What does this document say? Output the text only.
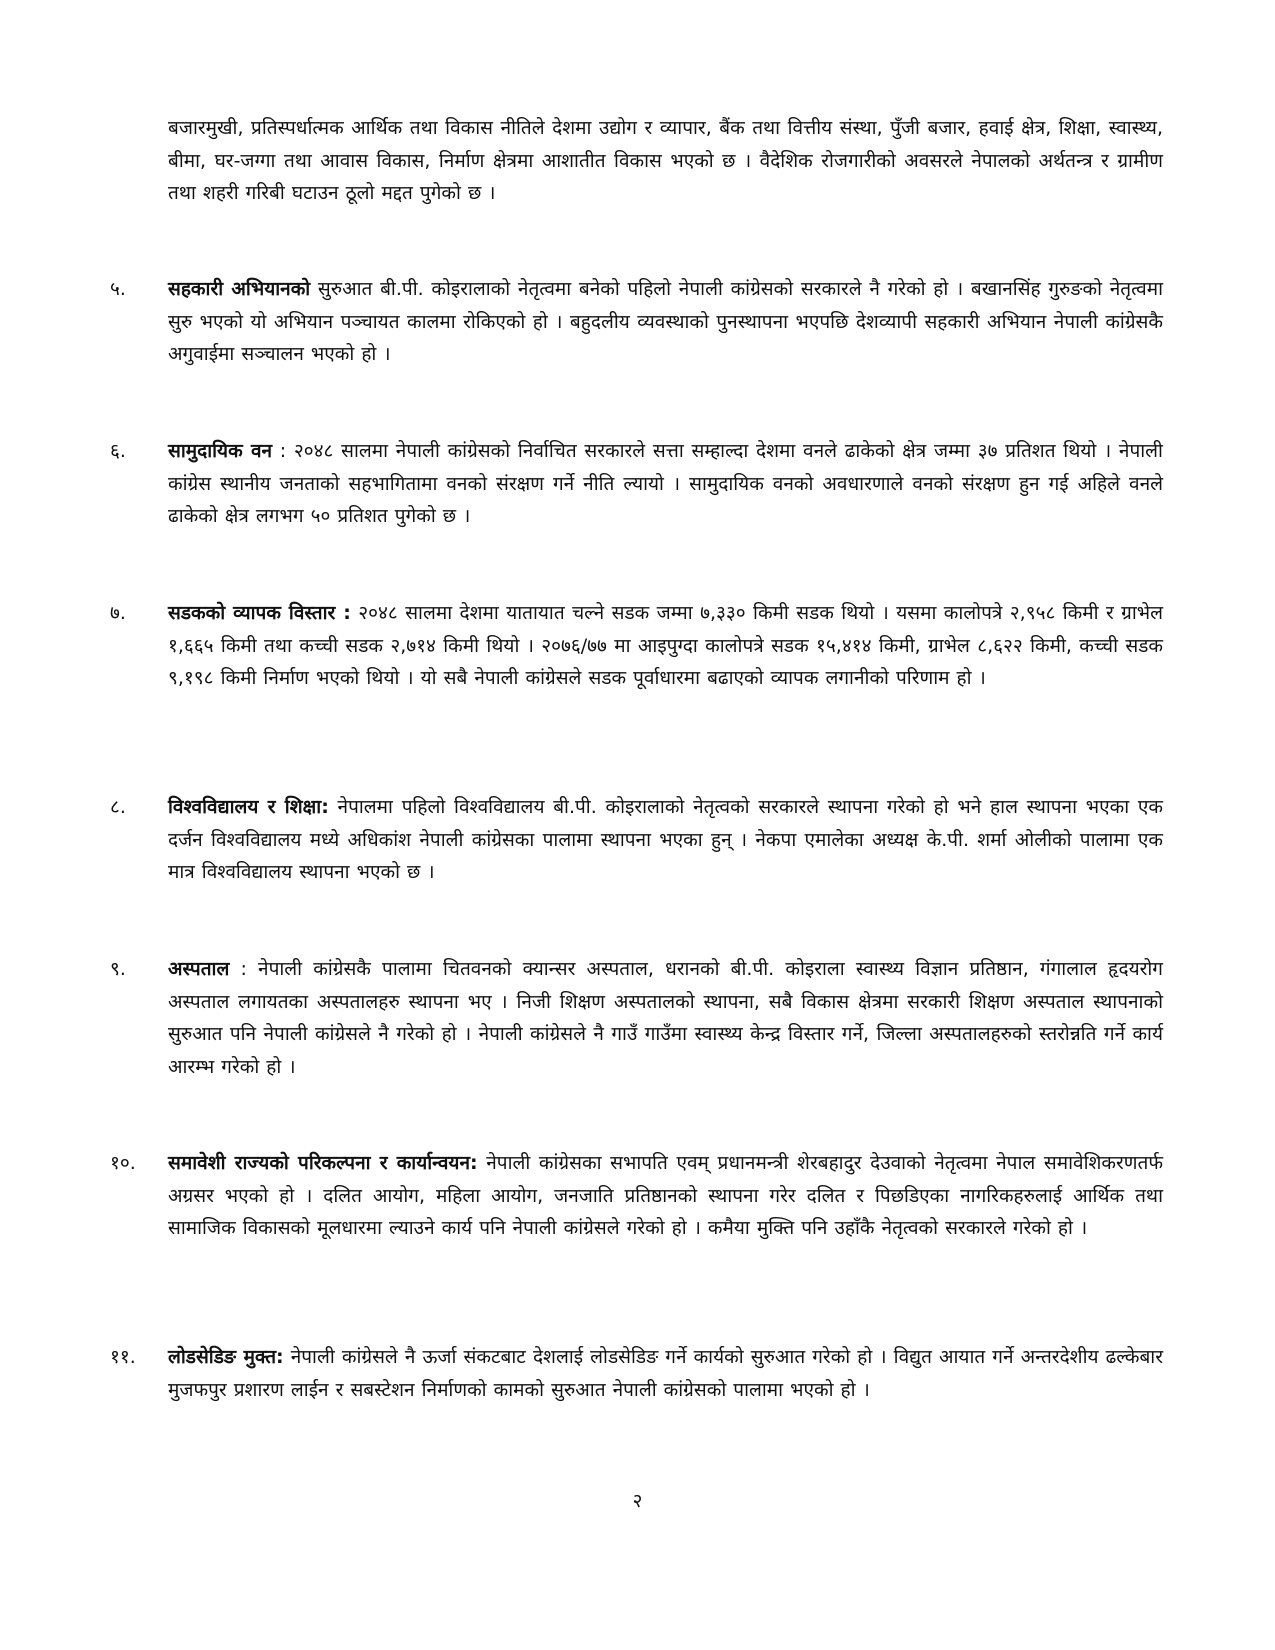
बजारमुखी, प्रतिस्पर्धात्मक आर्थिक तथा विकास नीतिले देशमा उद्योग र व्यापार, बैंक तथा वित्तीय संस्था, पुँजी बजार, हवाई क्षेत्र, शिक्षा, स्वास्थ्य, बीमा, घर-जग्गा तथा आवास विकास, निर्माण क्षेत्रमा आशातीत विकास भएको छ । वैदेशिक रोजगारीको अवसरले नेपालको अर्थतन्त्र र ग्रामीण तथा शहरी गरिबी घटाउन ठूलो मद्दत पुगेको छ ।
५.	सहकारी अभियानको सुरुआत बी.पी. कोइरालाको नेतृत्वमा बनेको पहिलो नेपाली कांग्रेसको सरकारले नै गरेको हो । बखानसिंह गुरुङको नेतृत्वमा सुरु भएको यो अभियान पञ्चायत कालमा रोकिएको हो । बहुदलीय व्यवस्थाको पुनस्थापना भएपछि देशव्यापी सहकारी अभियान नेपाली कांग्रेसकै अगुवाईमा सञ्चालन भएको हो ।
६.	सामुदायिक वन : २०४८ सालमा नेपाली कांग्रेसको निर्वाचित सरकारले सत्ता सम्हाल्दा देशमा वनले ढाकेको क्षेत्र जम्मा ३७ प्रतिशत थियो । नेपाली कांग्रेस स्थानीय जनताको सहभागितामा वनको संरक्षण गर्ने नीति ल्यायो । सामुदायिक वनको अवधारणाले वनको संरक्षण हुन गई अहिले वनले ढाकेको क्षेत्र लगभग ५० प्रतिशत पुगेको छ ।
७.	सडकको व्यापक विस्तार : २०४८ सालमा देशमा यातायात चल्ने सडक जम्मा ७,३३० किमी सडक थियो । यसमा कालोपत्रे २,९५८ किमी र ग्राभेल १,६६५ किमी तथा कच्ची सडक २,७१४ किमी थियो । २०७६/७७ मा आइपुग्दा कालोपत्रे सडक १५,४१४ किमी, ग्राभेल ८,६२२ किमी, कच्ची सडक ९,१९८ किमी निर्माण भएको थियो । यो सबै नेपाली कांग्रेसले सडक पूर्वाधारमा बढाएको व्यापक लगानीको परिणाम हो ।
८.	विश्वविद्यालय र शिक्षा: नेपालमा पहिलो विश्वविद्यालय बी.पी. कोइरालाको नेतृत्वको सरकारले स्थापना गरेको हो भने हाल स्थापना भएका एक दर्जन विश्वविद्यालय मध्ये अधिकांश नेपाली कांग्रेसका पालामा स्थापना भएका हुन् । नेकपा एमालेका अध्यक्ष के.पी. शर्मा ओलीको पालामा एक मात्र विश्वविद्यालय स्थापना भएको छ ।
९.	अस्पताल : नेपाली कांग्रेसकै पालामा चितवनको क्यान्सर अस्पताल, धरानको बी.पी. कोइराला स्वास्थ्य विज्ञान प्रतिष्ठान, गंगालाल हृदयरोग अस्पताल लगायतका अस्पतालहरु स्थापना भए । निजी शिक्षण अस्पतालको स्थापना, सबै विकास क्षेत्रमा सरकारी शिक्षण अस्पताल स्थापनाको सुरुआत पनि नेपाली कांग्रेसले नै गरेको हो । नेपाली कांग्रेसले नै गाउँ गाउँमा स्वास्थ्य केन्द्र विस्तार गर्ने, जिल्ला अस्पतालहरुको स्तरोन्नति गर्ने कार्य आरम्भ गरेको हो ।
१०.	समावेशी राज्यको परिकल्पना र कार्यान्वयन: नेपाली कांग्रेसका सभापति एवम् प्रधानमन्त्री शेरबहादुर देउवाको नेतृत्वमा नेपाल समावेशिकरणतर्फ अग्रसर भएको हो । दलित आयोग, महिला आयोग, जनजाति प्रतिष्ठानको स्थापना गरेर दलित र पिछडिएका नागरिकहरुलाई आर्थिक तथा सामाजिक विकासको मूलधारमा ल्याउने कार्य पनि नेपाली कांग्रेसले गरेको हो । कमैया मुक्ति पनि उहाँकै नेतृत्वको सरकारले गरेको हो ।
११.	लोडसेडिङ मुक्त: नेपाली कांग्रेसले नै ऊर्जा संकटबाट देशलाई लोडसेडिङ गर्ने कार्यको सुरुआत गरेको हो । विद्युत आयात गर्ने अन्तरदेशीय ढल्केबार मुजफपुर प्रशारण लाईन र सबस्टेशन निर्माणको कामको सुरुआत नेपाली कांग्रेसको पालामा भएको हो ।
२
